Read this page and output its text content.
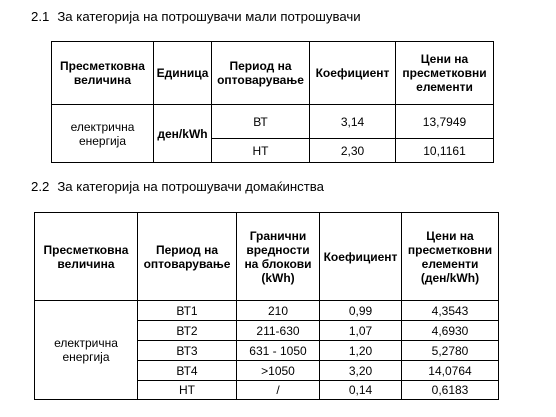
2.1 За категорија на потрошувачи мали потрошувачи
Пресметковна величина	Единица	Период на оптоварување	Коефициент	Цени на пресметковни елементи
електрична енергија	ден/kWh	ВТ	3,14	13,7949
		НТ	2,30	10,1161
2.2 За категорија на потрошувачи домаќинства
Пресметковна величина	Период на оптоварување	Гранични вредности на блокови (kWh)	Коефициент	Цени на пресметковни елементи (ден/kWh)
електрична енергија	ВТ1	210	0,99	4,3543
	ВТ2	211-630	1,07	4,6930
	ВТ3	631 - 1050	1,20	5,2780
	ВТ4	>1050	3,20	14,0764
	НТ	/	0,14	0,6183
